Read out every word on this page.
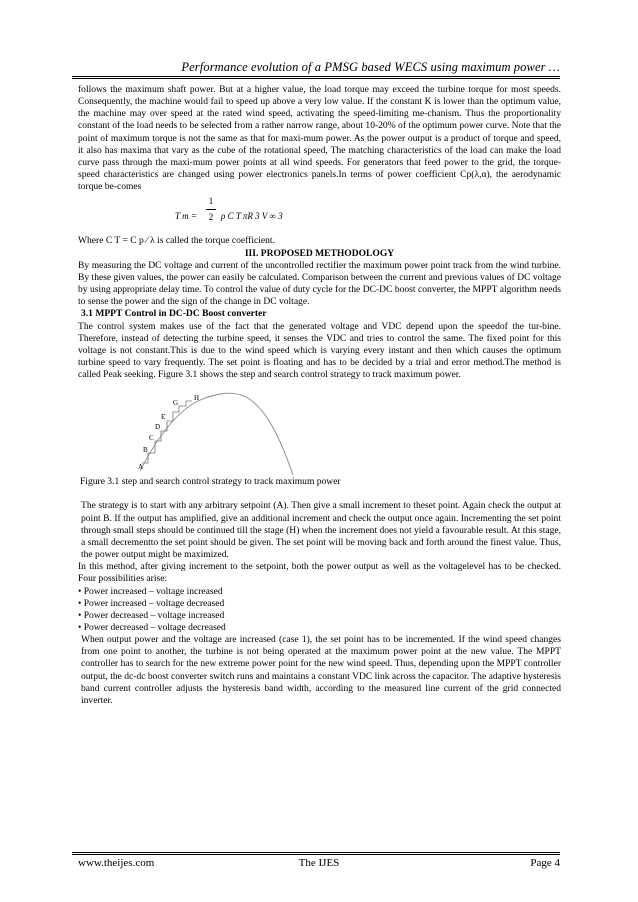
Performance evolution of a PMSG based WECS using maximum power …

follows the maximum shaft power. But at a higher value, the load torque may exceed the turbine torque for most speeds. Consequently, the machine would fail to speed up above a very low value. If the constant K is lower than the optimum value, the machine may over speed at the rated wind speed, activating the speed-limiting me-chanism. Thus the proportionality constant of the load needs to be selected from a rather narrow range, about 10-20% of the optimum power curve. Note that the point of maximum torque is not the same as that for maxi-mum power. As the power output is a product of torque and speed, it also has maxima that vary as the cube of the rotational speed, The matching characteristics of the load can make the load curve pass through the maxi-mum power points at all wind speeds. For generators that feed power to the grid, the torque-speed characteristics are changed using power electronics panels.In terms of power coefficient Cp(λ,α), the aerodynamic torque be-comes

T m =
1
2 ρ C T πR 3 V ∞ 3

Where C T = C p ⁄ λ is called the torque coefficient.

III. PROPOSED METHODOLOGY

By measuring the DC voltage and current of the uncontrolled rectifier the maximum power point track from the wind turbine. By these given values, the power can easily be calculated. Comparison between the current and previous values of DC voltage by using appropriate delay time. To control the value of duty cycle for the DC-DC boost converter, the MPPT algorithm needs to sense the power and the sign of the change in DC voltage.

3.1 MPPT Control in DC-DC Boost converter

The control system makes use of the fact that the generated voltage and VDC depend upon the speedof the tur-bine. Therefore, instead of detecting the turbine speed, it senses the VDC and tries to control the same. The fixed point for this voltage is not constant.This is due to the wind speed which is varying every instant and then which causes the optimum turbine speed to vary frequently. The set point is floating and has to be decided by a trial and error method.The method is called Peak seeking. Figure 3.1 shows the step and search control strategy to track maximum power.

A
B
C
D
E
G
H

Figure 3.1 step and search control strategy to track maximum power

The strategy is to start with any arbitrary setpoint (A). Then give a small increment to theset point. Again check the output at point B. If the output has amplified, give an additional increment and check the output once again. Incrementing the set point through small steps should be continued till the stage (H) when the increment does not yield a favourable result. At this stage, a small decrementto the set point should be given. The set point will be moving back and forth around the finest value. Thus, the power output might be maximized.

In this method, after giving increment to the setpoint, both the power output as well as the voltagelevel has to be checked. Four possibilities arise:

• Power increased – voltage increased

• Power increased – voltage decreased

• Power decreased – voltage increased

• Power decreased – voltage decreased

When output power and the voltage are increased (case 1), the set point has to be incremented. If the wind speed changes from one point to another, the turbine is not being operated at the maximum power point at the new value. The MPPT controller has to search for the new extreme power point for the new wind speed. Thus, depending upon the MPPT controller output, the dc-dc boost converter switch runs and maintains a constant VDC link across the capacitor. The adaptive hysteresis band current controller adjusts the hysteresis band width, according to the measured line current of the grid connected inverter.

www.theijes.com	The IJES	Page 4
